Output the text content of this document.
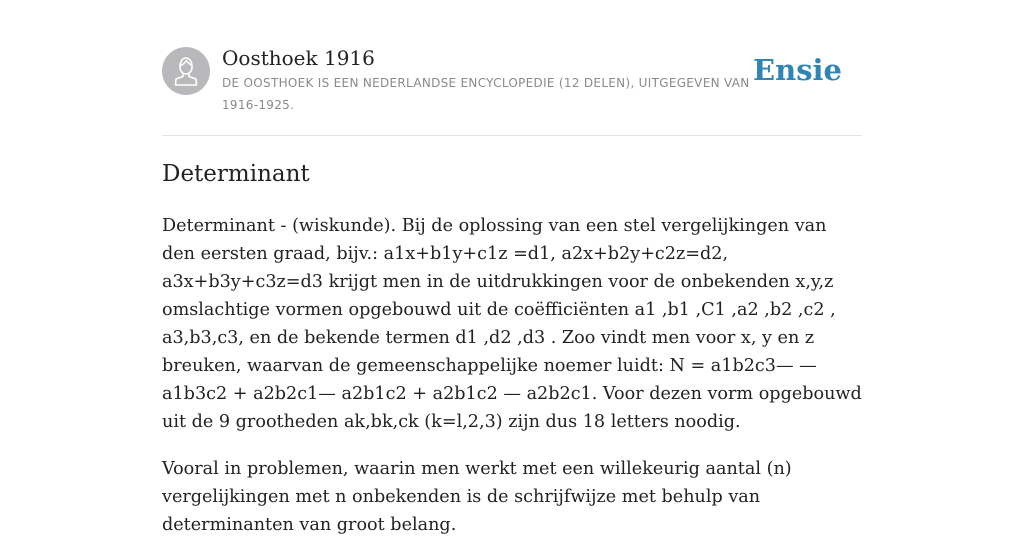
Oosthoek 1916
DE OOSTHOEK IS EEN NEDERLANDSE ENCYCLOPEDIE (12 DELEN), UITGEGEVEN VAN 1916-1925.
Ensie
Determinant

Determinant - (wiskunde). Bij de oplossing van een stel vergelijkingen van den eersten graad, bijv.: a1x+b1y+c1z =d1, a2x+b2y+c2z=d2, a3x+b3y+c3z=d3 krijgt men in de uitdrukkingen voor de onbekenden x,y,z omslachtige vormen opgebouwd uit de coëfficiënten a1 ,b1 ,C1 ,a2 ,b2 ,c2 , a3,b3,c3, en de bekende termen d1 ,d2 ,d3 . Zoo vindt men voor x, y en z breuken, waarvan de gemeenschappelijke noemer luidt: N = a1b2c3— —a1b3c2 + a2b2c1— a2b1c2 + a2b1c2 — a2b2c1. Voor dezen vorm opgebouwd uit de 9 grootheden ak,bk,ck (k=l,2,3) zijn dus 18 letters noodig.

Vooral in problemen, waarin men werkt met een willekeurig aantal (n) vergelijkingen met n onbekenden is de schrijfwijze met behulp van determinanten van groot belang.
